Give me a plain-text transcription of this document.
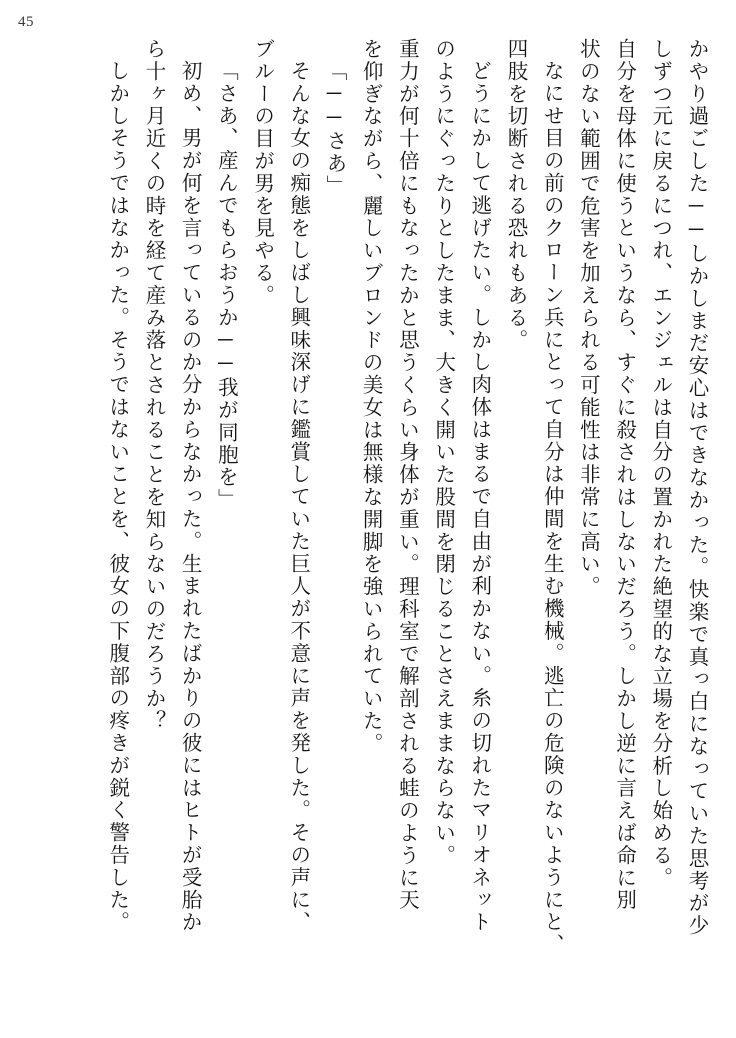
45
かやり過ごした──しかしまだ安心はできなかった。快楽で真っ白になっていた思考が少
しずつ元に戻るにつれ、エンジェルは自分の置かれた絶望的な立場を分析し始める。
自分を母体に使うというなら、すぐに殺されはしないだろう。しかし逆に言えば命に別
状のない範囲で危害を加えられる可能性は非常に高い。
なにせ目の前のクローン兵にとって自分は仲間を生む機械。逃亡の危険のないようにと、
四肢を切断される恐れもある。
どうにかして逃げたい。しかし肉体はまるで自由が利かない。糸の切れたマリオネット
のようにぐったりとしたまま、大きく開いた股間を閉じることさえままならない。
重力が何十倍にもなったかと思うくらい身体が重い。理科室で解剖される蛙のように天
を仰ぎながら、麗しいブロンドの美女は無様な開脚を強いられていた。
「──さあ」
そんな女の痴態をしばし興味深げに鑑賞していた巨人が不意に声を発した。その声に、
ブルーの目が男を見やる。
「さあ、産んでもらおうか──我が同胞を」
初め、男が何を言っているのか分からなかった。生まれたばかりの彼にはヒトが受胎か
ら十ヶ月近くの時を経て産み落とされることを知らないのだろうか？
しかしそうではなかった。そうではないことを、彼女の下腹部の疼きが鋭く警告した。
